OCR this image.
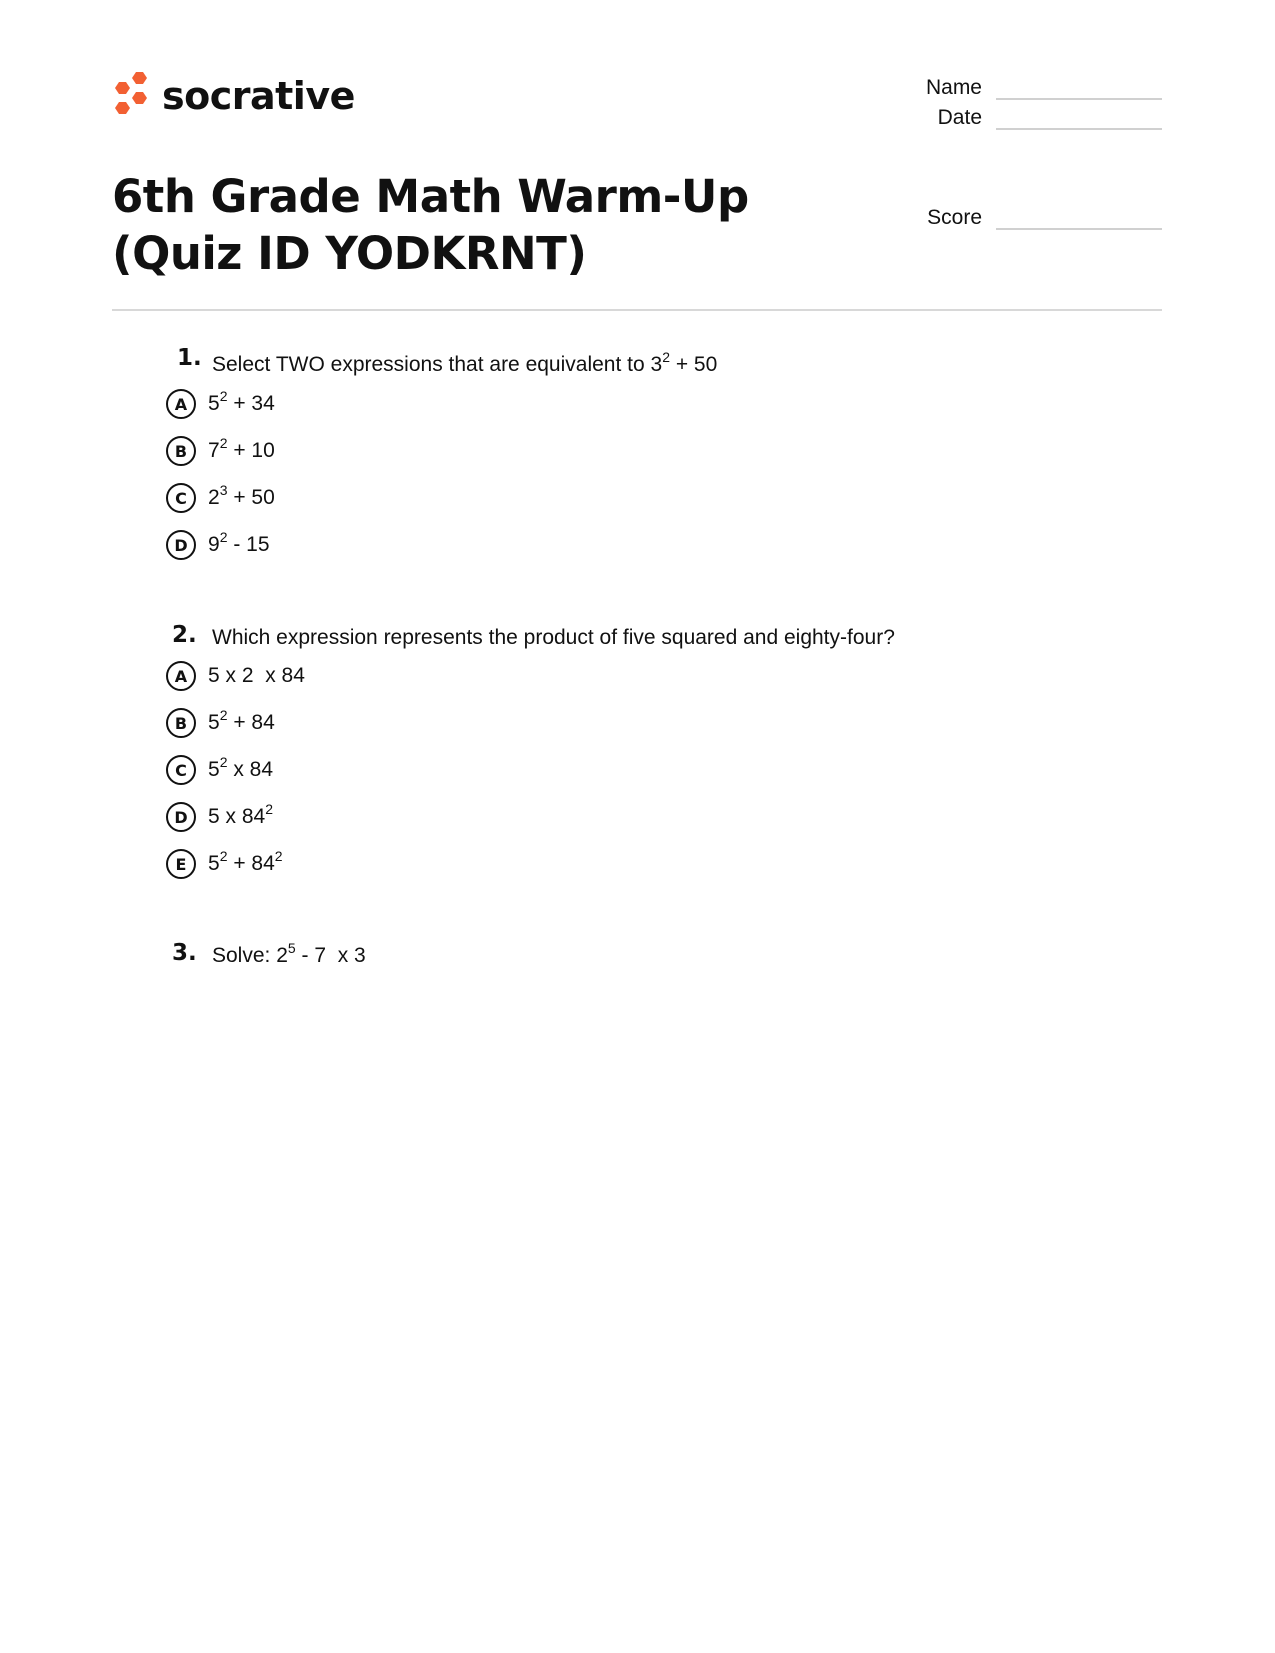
socrative	Name
Date
Score
6th Grade Math Warm-Up (Quiz ID YODKRNT)
1. Select TWO expressions that are equivalent to $3^2 + 50$
A $5^2 + 34$
B $7^2 + 10$
C	$2^3 + 50$
D $9^2 - 15$
2. Which expression represents the product of five squared and eighty-four?
A 5 x 2  x 84
B $5^2 + 84$
C	$5^2$ x 84
D 5 x $84^2$
E	$5^2 + 84^2$
3. Solve: $2^5 - 7$  x 3
